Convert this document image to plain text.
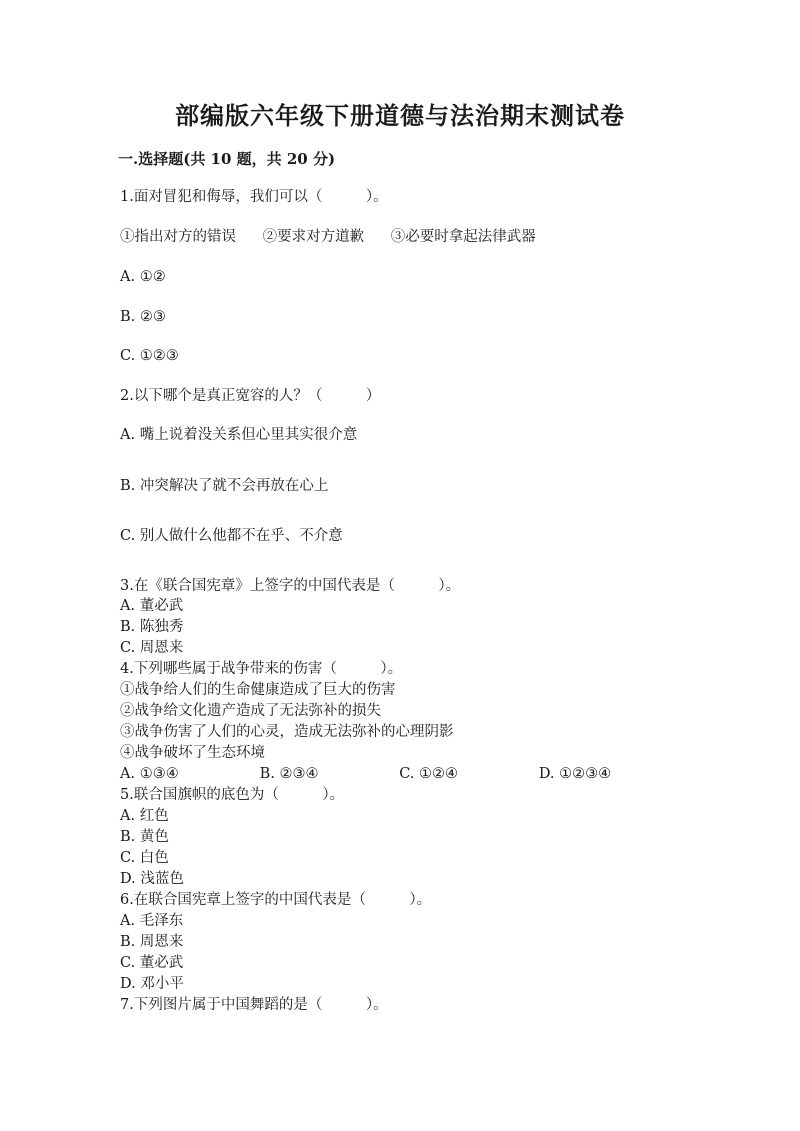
部编版六年级下册道德与法治期末测试卷
一.选择题(共 10 题，共 20 分)
1.面对冒犯和侮辱，我们可以（　　　）。
①指出对方的错误 ②要求对方道歉 ③必要时拿起法律武器
A. ①②
B. ②③
C. ①②③
2.以下哪个是真正宽容的人？（　　　）
A. 嘴上说着没关系但心里其实很介意
B. 冲突解决了就不会再放在心上
C. 别人做什么他都不在乎、不介意
3.在《联合国宪章》上签字的中国代表是（　　　）。
A. 董必武
B. 陈独秀
C. 周恩来
4.下列哪些属于战争带来的伤害（　　　）。
①战争给人们的生命健康造成了巨大的伤害
②战争给文化遗产造成了无法弥补的损失
③战争伤害了人们的心灵，造成无法弥补的心理阴影
④战争破坏了生态环境
A. ①③④	B. ②③④	C. ①②④	D. ①②③④
5.联合国旗帜的底色为（　　　）。
A. 红色
B. 黄色
C. 白色
D. 浅蓝色
6.在联合国宪章上签字的中国代表是（　　　）。
A. 毛泽东
B. 周恩来
C. 董必武
D. 邓小平
7.下列图片属于中国舞蹈的是（　　　）。
